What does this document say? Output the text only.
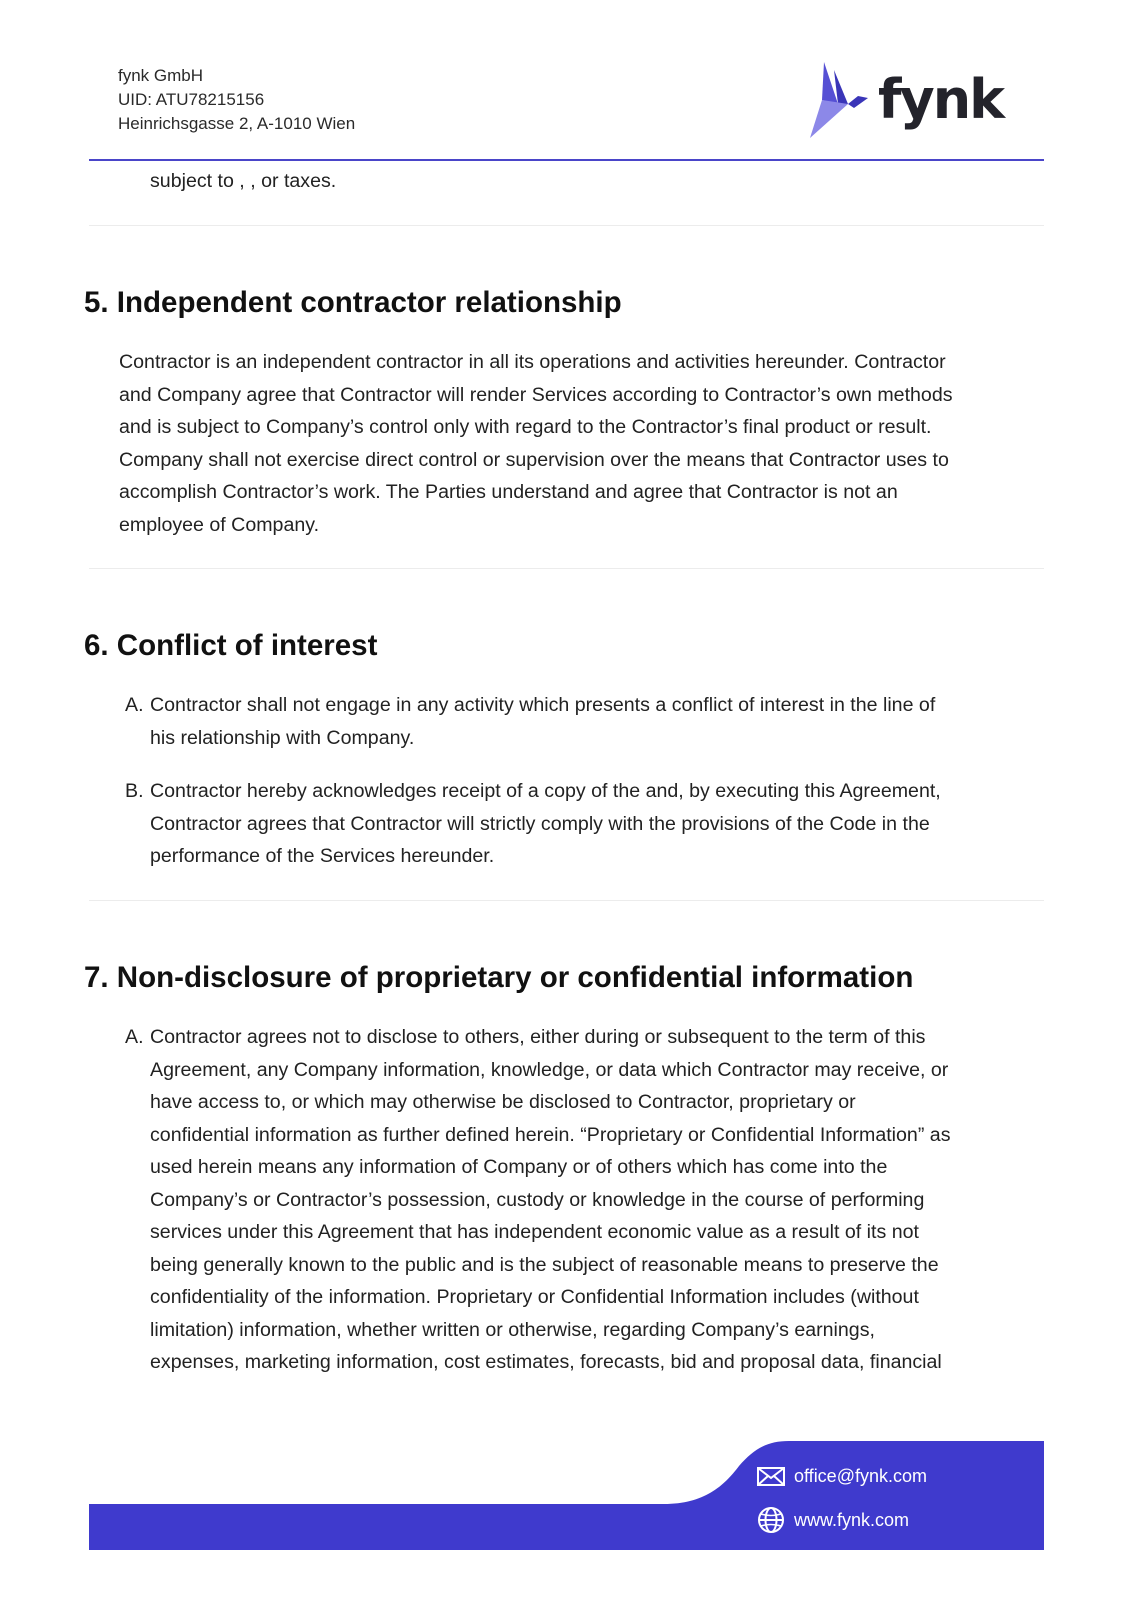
fynk GmbH
UID: ATU78215156
Heinrichsgasse 2, A-1010 Wien	fynk
subject to , , or taxes.
5. Independent contractor relationship
Contractor is an independent contractor in all its operations and activities hereunder. Contractor
and Company agree that Contractor will render Services according to Contractor’s own methods
and is subject to Company’s control only with regard to the Contractor’s final product or result.
Company shall not exercise direct control or supervision over the means that Contractor uses to
accomplish Contractor’s work. The Parties understand and agree that Contractor is not an
employee of Company.
6. Conflict of interest
A. Contractor shall not engage in any activity which presents a conflict of interest in the line of
his relationship with Company.
B. Contractor hereby acknowledges receipt of a copy of the and, by executing this Agreement,
Contractor agrees that Contractor will strictly comply with the provisions of the Code in the
performance of the Services hereunder.
7. Non-disclosure of proprietary or confidential information
A. Contractor agrees not to disclose to others, either during or subsequent to the term of this
Agreement, any Company information, knowledge, or data which Contractor may receive, or
have access to, or which may otherwise be disclosed to Contractor, proprietary or
confidential information as further defined herein. “Proprietary or Confidential Information” as
used herein means any information of Company or of others which has come into the
Company’s or Contractor’s possession, custody or knowledge in the course of performing
services under this Agreement that has independent economic value as a result of its not
being generally known to the public and is the subject of reasonable means to preserve the
confidentiality of the information. Proprietary or Confidential Information includes (without
limitation) information, whether written or otherwise, regarding Company’s earnings,
expenses, marketing information, cost estimates, forecasts, bid and proposal data, financial
office@fynk.com
www.fynk.com
